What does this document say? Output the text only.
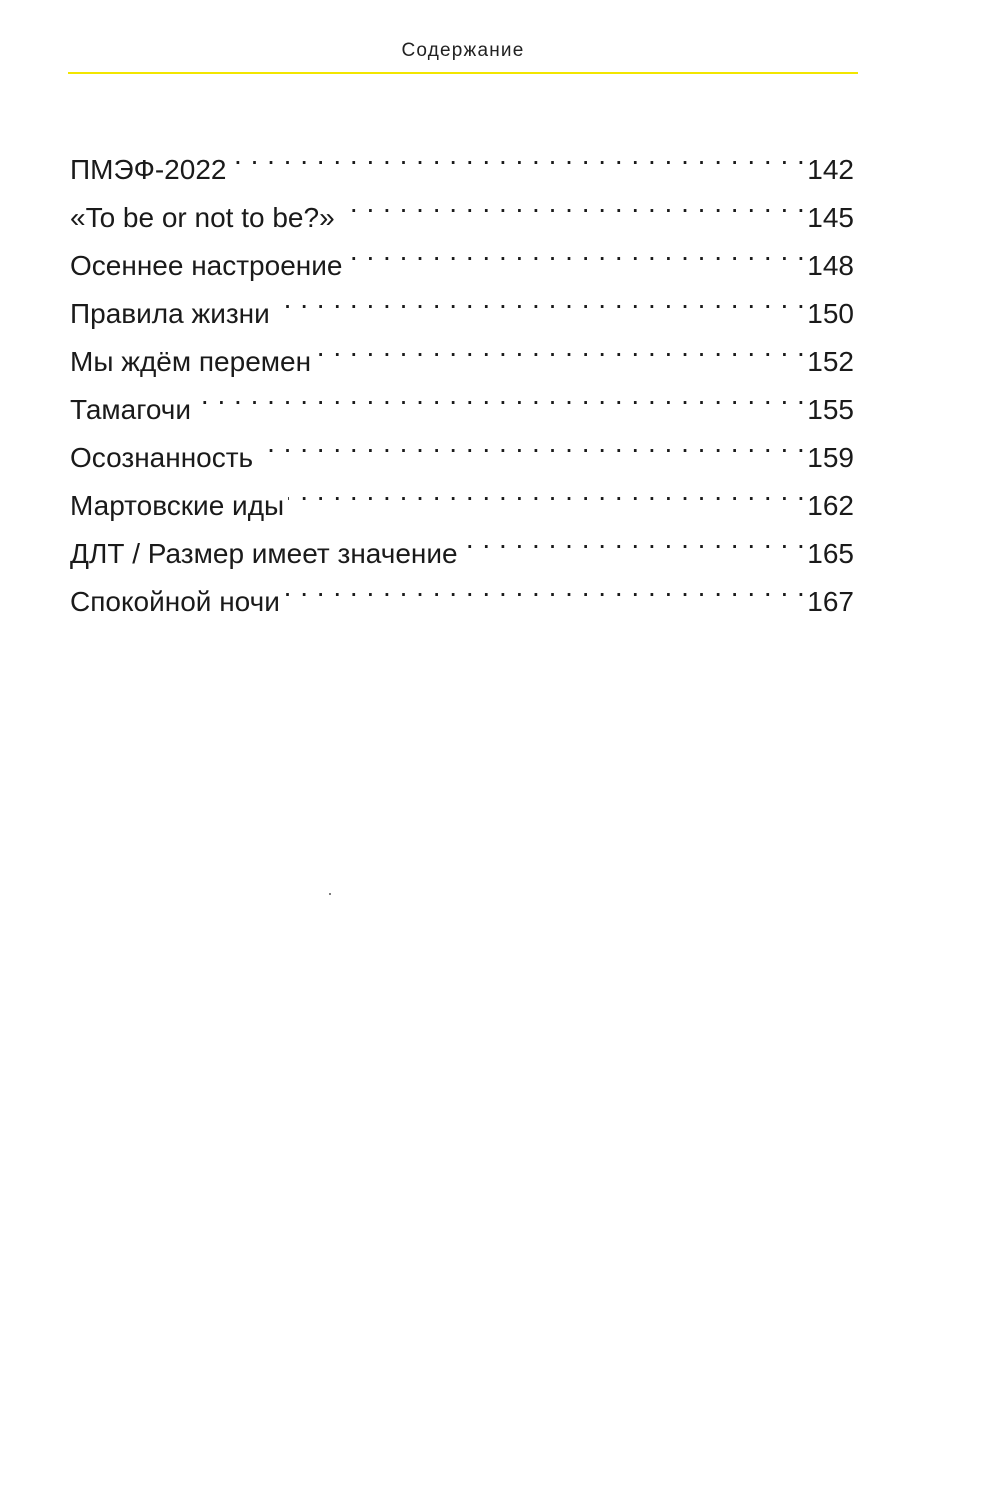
Содержание
ПМЭФ-2022 . . .	142
«To be or not to be?» . . .	145
Осеннее настроение . . .	148
Правила жизни . . .	150
Мы ждём перемен . . .	152
Тамагочи . . .	155
Осознанность . . .	159
Мартовские иды . . .	162
ДЛТ / Размер имеет значение . . .	165
Спокойной ночи . . .	167
